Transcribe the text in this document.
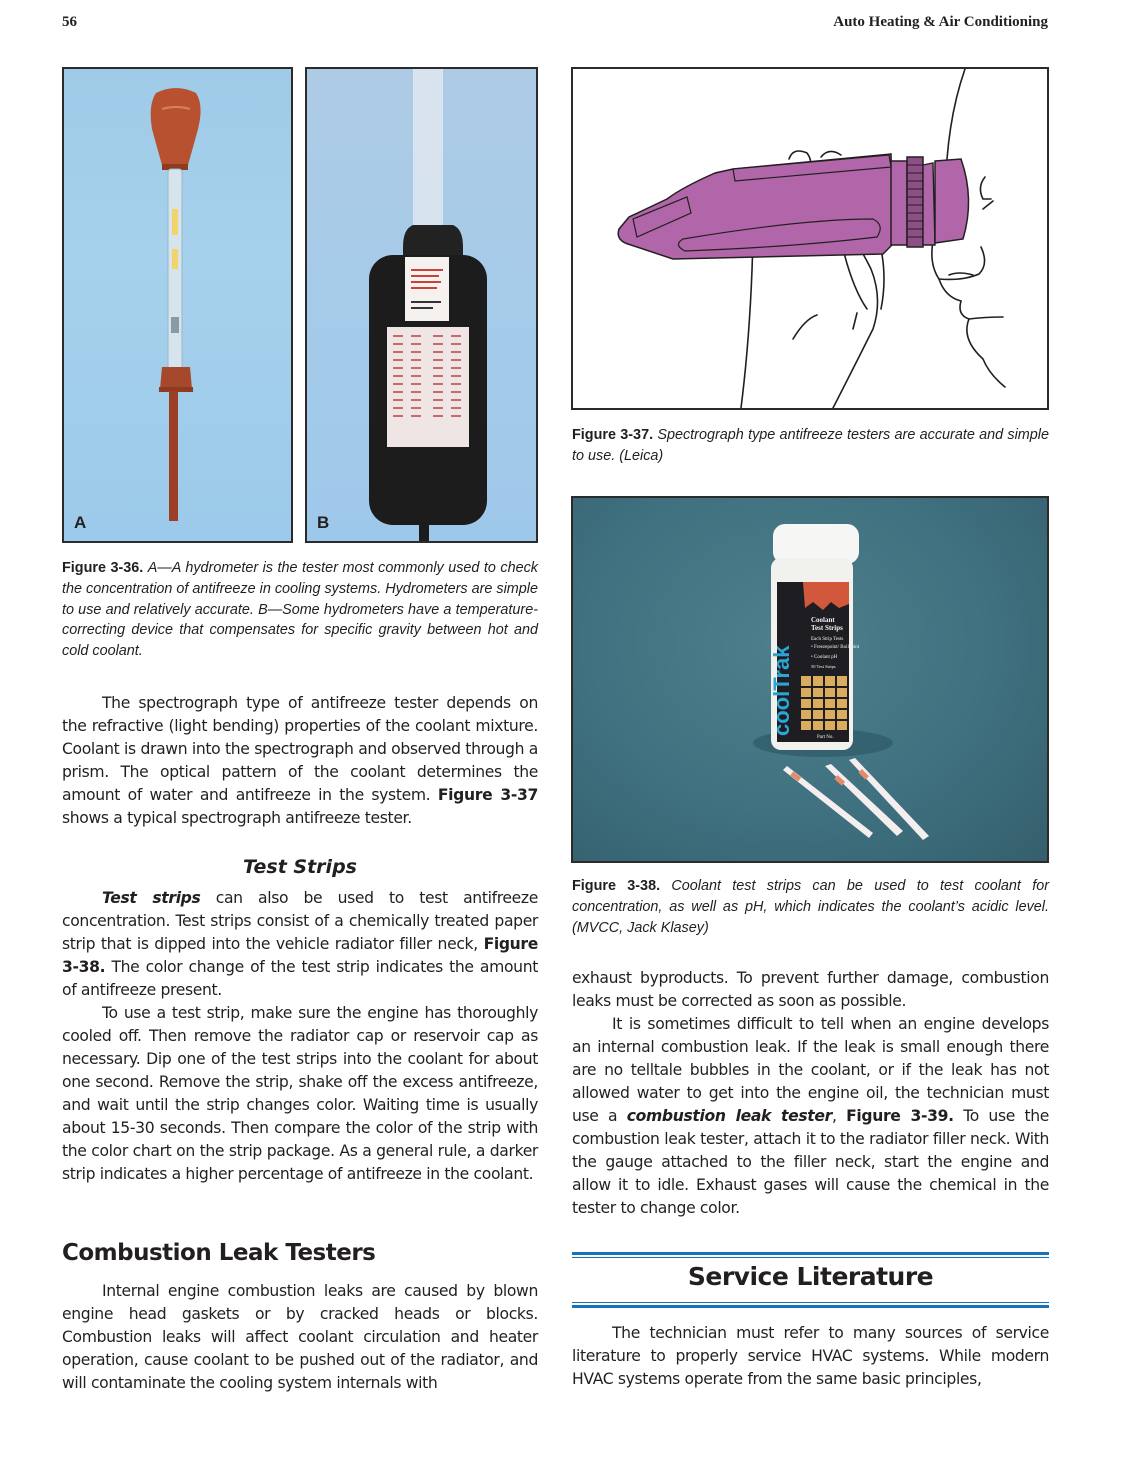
56	Auto Heating & Air Conditioning
A	B
Figure 3-36. A—A hydrometer is the tester most commonly used to check the concentration of antifreeze in cooling systems. Hydrometers are simple to use and relatively accurate. B—Some hydrometers have a temperature-correcting device that compensates for specific gravity between hot and cold coolant.
Figure 3-37. Spectrograph type antifreeze testers are accurate and simple to use. (Leica)
coolTrak
Coolant
Test Strips
Each Strip Tests
• Freezepoint/ Boilpoint
• Coolant pH
50 Test Strips
Part No.
Figure 3-38. Coolant test strips can be used to test coolant for concentration, as well as pH, which indicates the coolant’s acidic level. (MVCC, Jack Klasey)

The spectrograph type of antifreeze tester depends on the refractive (light bending) properties of the coolant mixture. Coolant is drawn into the spectrograph and observed through a prism. The optical pattern of the coolant determines the amount of water and antifreeze in the system. Figure 3-37 shows a typical spectrograph antifreeze tester.

Test Strips

Test strips can also be used to test antifreeze concentration. Test strips consist of a chemically treated paper strip that is dipped into the vehicle radiator filler neck, Figure 3-38. The color change of the test strip indicates the amount of antifreeze present.

To use a test strip, make sure the engine has thoroughly cooled off. Then remove the radiator cap or reservoir cap as necessary. Dip one of the test strips into the coolant for about one second. Remove the strip, shake off the excess antifreeze, and wait until the strip changes color. Waiting time is usually about 15-30 seconds. Then compare the color of the strip with the color chart on the strip package. As a general rule, a darker strip indicates a higher percentage of antifreeze in the coolant.

Combustion Leak Testers

Internal engine combustion leaks are caused by blown engine head gaskets or by cracked heads or blocks. Combustion leaks will affect coolant circulation and heater operation, cause coolant to be pushed out of the radiator, and will contaminate the cooling system internals with

exhaust byproducts. To prevent further damage, combustion leaks must be corrected as soon as possible.

It is sometimes difficult to tell when an engine develops an internal combustion leak. If the leak is small enough there are no telltale bubbles in the coolant, or if the leak has not allowed water to get into the engine oil, the technician must use a combustion leak tester, Figure 3-39. To use the combustion leak tester, attach it to the radiator filler neck. With the gauge attached to the filler neck, start the engine and allow it to idle. Exhaust gases will cause the chemical in the tester to change color.

Service Literature

The technician must refer to many sources of service literature to properly service HVAC systems. While modern HVAC systems operate from the same basic principles,
